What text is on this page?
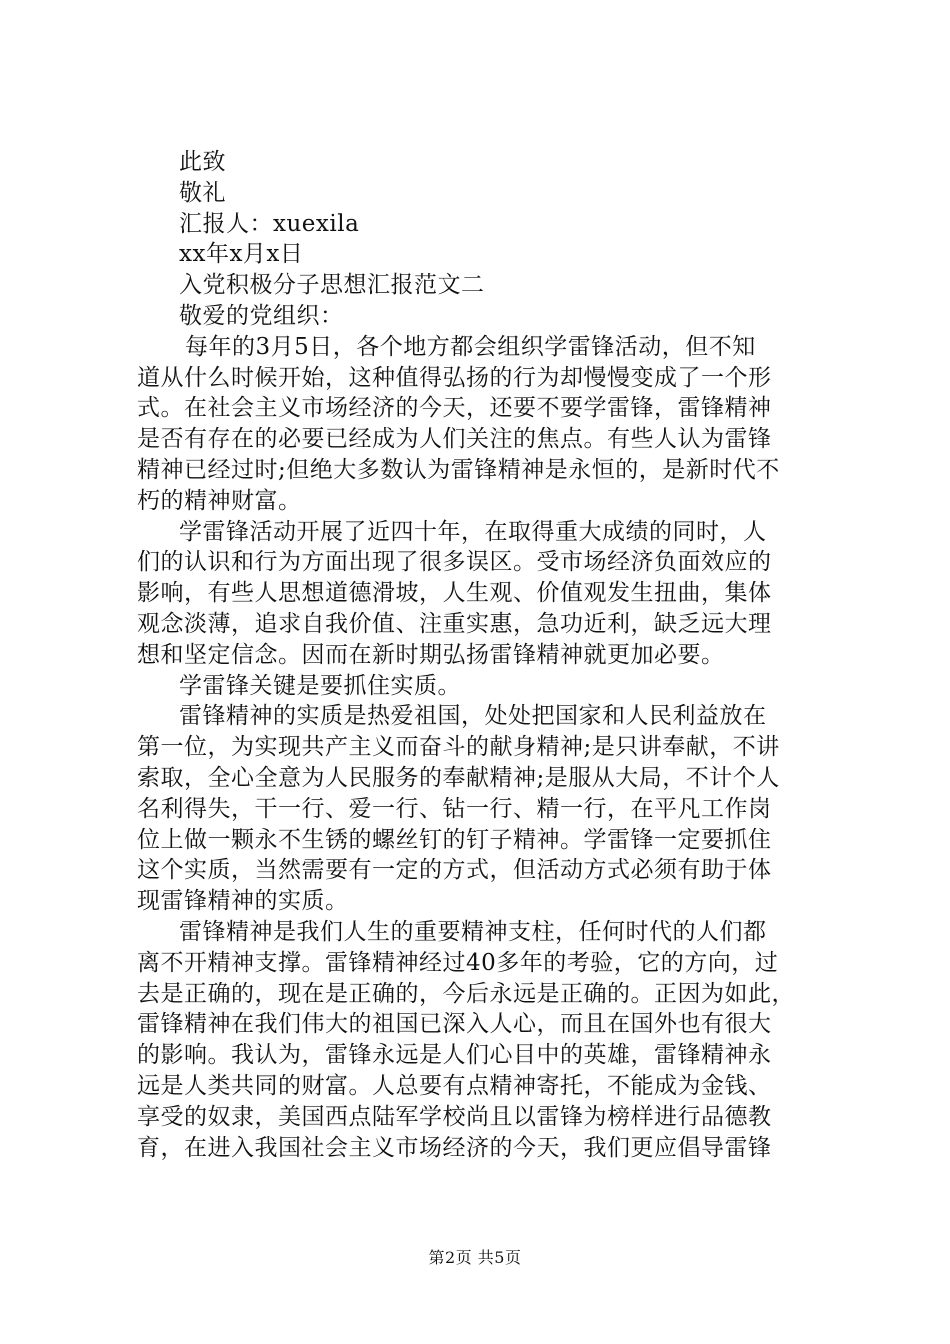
此致

敬礼

汇报人：xuexila

xx年x月x日

入党积极分子思想汇报范文二

敬爱的党组织：

每年的3月5日，各个地方都会组织学雷锋活动，但不知

道从什么时候开始，这种值得弘扬的行为却慢慢变成了一个形

式。在社会主义市场经济的今天，还要不要学雷锋，雷锋精神

是否有存在的必要已经成为人们关注的焦点。有些人认为雷锋

精神已经过时;但绝大多数认为雷锋精神是永恒的，是新时代不

朽的精神财富。

学雷锋活动开展了近四十年，在取得重大成绩的同时，人

们的认识和行为方面出现了很多误区。受市场经济负面效应的

影响，有些人思想道德滑坡，人生观、价值观发生扭曲，集体

观念淡薄，追求自我价值、注重实惠，急功近利，缺乏远大理

想和坚定信念。因而在新时期弘扬雷锋精神就更加必要。

学雷锋关键是要抓住实质。

雷锋精神的实质是热爱祖国，处处把国家和人民利益放在

第一位，为实现共产主义而奋斗的献身精神;是只讲奉献，不讲

索取，全心全意为人民服务的奉献精神;是服从大局，不计个人

名利得失，干一行、爱一行、钻一行、精一行，在平凡工作岗

位上做一颗永不生锈的螺丝钉的钉子精神。学雷锋一定要抓住

这个实质，当然需要有一定的方式，但活动方式必须有助于体

现雷锋精神的实质。

雷锋精神是我们人生的重要精神支柱，任何时代的人们都

离不开精神支撑。雷锋精神经过40多年的考验，它的方向，过

去是正确的，现在是正确的，今后永远是正确的。正因为如此，

雷锋精神在我们伟大的祖国已深入人心，而且在国外也有很大

的影响。我认为，雷锋永远是人们心目中的英雄，雷锋精神永

远是人类共同的财富。人总要有点精神寄托，不能成为金钱、

享受的奴隶，美国西点陆军学校尚且以雷锋为榜样进行品德教

育，在进入我国社会主义市场经济的今天，我们更应倡导雷锋

第2页 共5页
